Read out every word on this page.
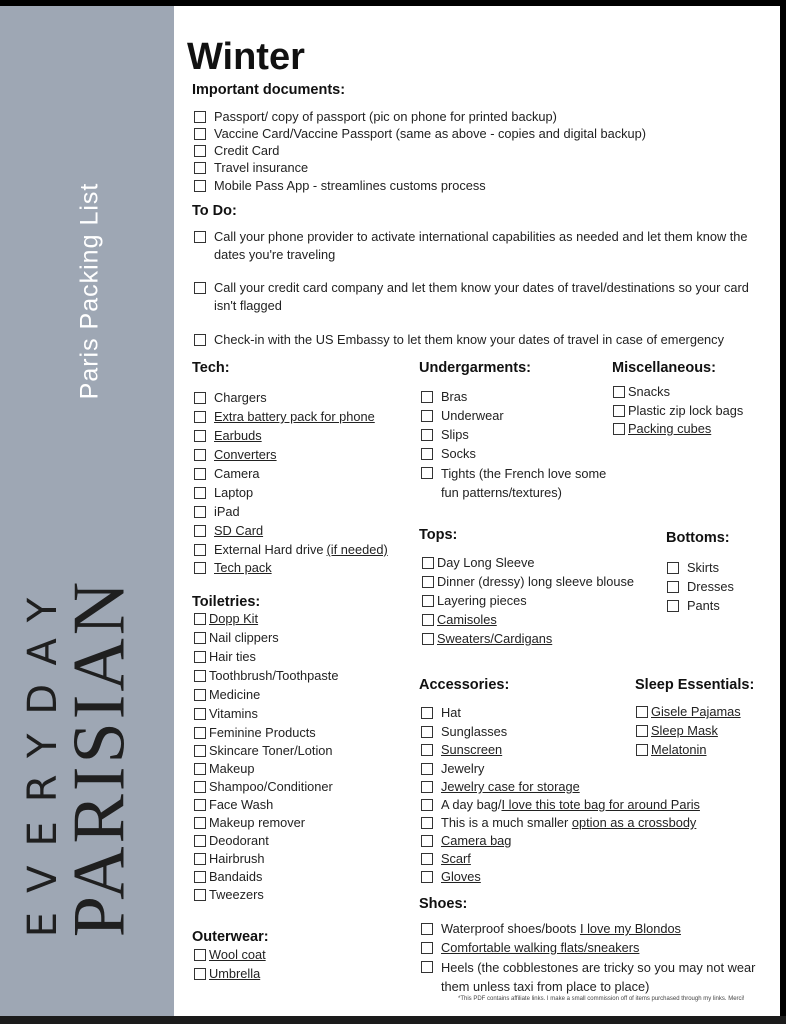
Paris Packing List
EVERYDAY
PARISIAN
Winter
Important documents:
Passport/ copy of passport (pic on phone for printed backup)
Vaccine Card/Vaccine Passport (same as above - copies and digital backup)
Credit Card
Travel insurance
Mobile Pass App - streamlines customs process
To Do:
Call your phone provider to activate international capabilities as needed and let them know the dates you're traveling
Call your credit card company and let them know your dates of travel/destinations so your card isn't flagged
Check-in with the US Embassy to let them know your dates of travel in case of emergency
Tech:
Chargers
Extra battery pack for phone
Earbuds
Converters
Camera
Laptop
iPad
SD Card
External Hard drive (if needed)
Tech pack
Toiletries:
Dopp Kit
Nail clippers
Hair ties
Toothbrush/Toothpaste
Medicine
Vitamins
Feminine Products
Skincare Toner/Lotion
Makeup
Shampoo/Conditioner
Face Wash
Makeup remover
Deodorant
Hairbrush
Bandaids
Tweezers
Outerwear:
Wool coat
Umbrella
Undergarments:
Bras
Underwear
Slips
Socks
Tights (the French love some fun patterns/textures)
Miscellaneous:
Snacks
Plastic zip lock bags
Packing cubes
Tops:
Day Long Sleeve
Dinner (dressy) long sleeve blouse
Layering pieces
Camisoles
Sweaters/Cardigans
Bottoms:
Skirts
Dresses
Pants
Accessories:
Hat
Sunglasses
Sunscreen
Jewelry
Jewelry case for storage
A day bag/ I love this tote bag for around Paris
This is a much smaller option as a crossbody
Camera bag
Scarf
Gloves
Sleep Essentials:
Gisele Pajamas
Sleep Mask
Melatonin
Shoes:
Waterproof shoes/boots I love my Blondos
Comfortable walking flats/sneakers
Heels (the cobblestones are tricky so you may not wear them unless taxi from place to place)
*This PDF contains affiliate links. I make a small commission off of items purchased through my links. Merci!
